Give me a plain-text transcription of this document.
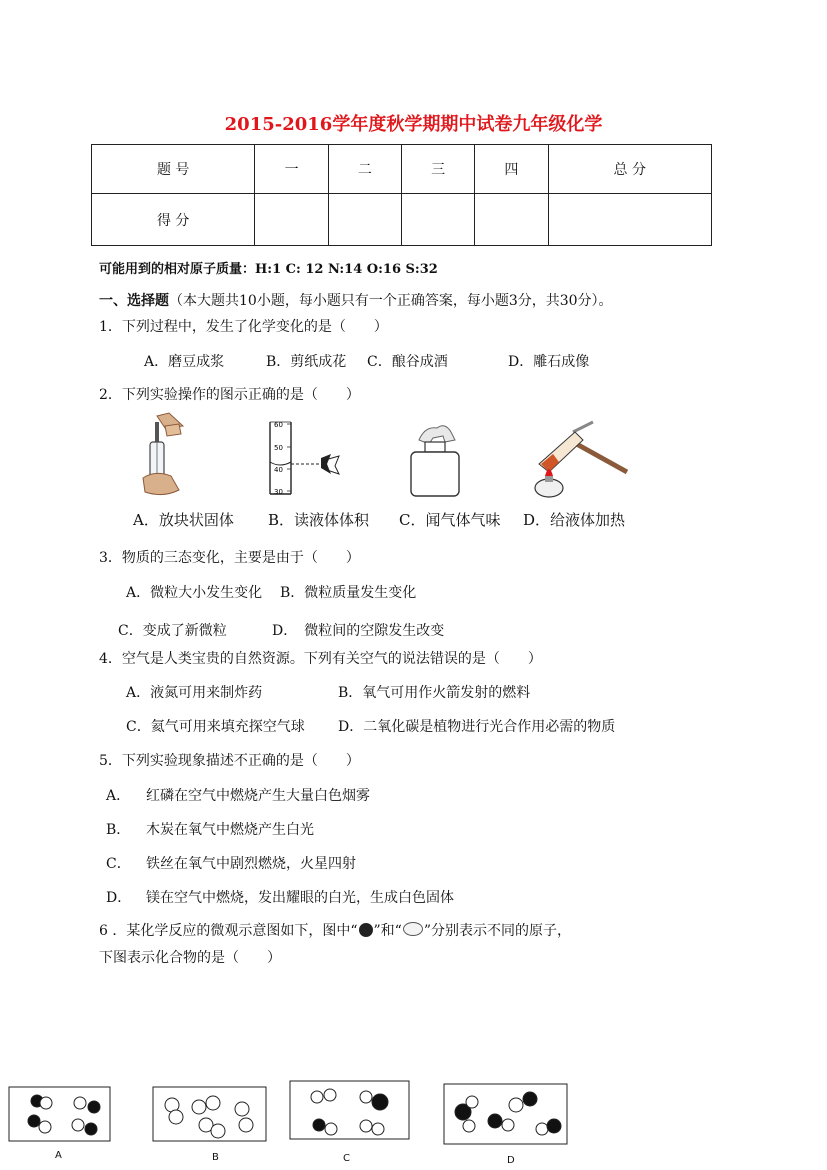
2015-2016学年度秋学期期中试卷九年级化学
题 号	一	二	三	四	总 分
得 分					
可能用到的相对原子质量：H:1 C: 12 N:14 O:16 S:32
一、选择题（本大题共10小题，每小题只有一个正确答案，每小题3分，共30分）。
1．下列过程中，发生了化学变化的是（　　）
A．磨豆成浆	B．剪纸成花 C．酿谷成酒	D．雕石成像
2．下列实验操作的图示正确的是（　　）
60
50
40
30
A．放块状固体 B．读液体体积 C．闻气体气味 D．给液体加热
3．物质的三态变化，主要是由于（　　）
A．微粒大小发生变化 B．微粒质量发生变化
C．变成了新微粒	D．　微粒间的空隙发生改变
4．空气是人类宝贵的自然资源。下列有关空气的说法错误的是（　　）
A．液氮可用来制炸药	B．氧气可用作火箭发射的燃料
C．氦气可用来填充探空气球 D．二氧化碳是植物进行光合作用必需的物质
5．下列实验现象描述不正确的是（　　）
A． 红磷在空气中燃烧产生大量白色烟雾
B． 木炭在氧气中燃烧产生白光
C． 铁丝在氧气中剧烈燃烧，火星四射
D． 镁在空气中燃烧，发出耀眼的白光，生成白色固体
6 ．某化学反应的微观示意图如下，图中“ ”和“ ”分别表示不同的原子，
下图表示化合物的是（　　）
A	B	C	D
